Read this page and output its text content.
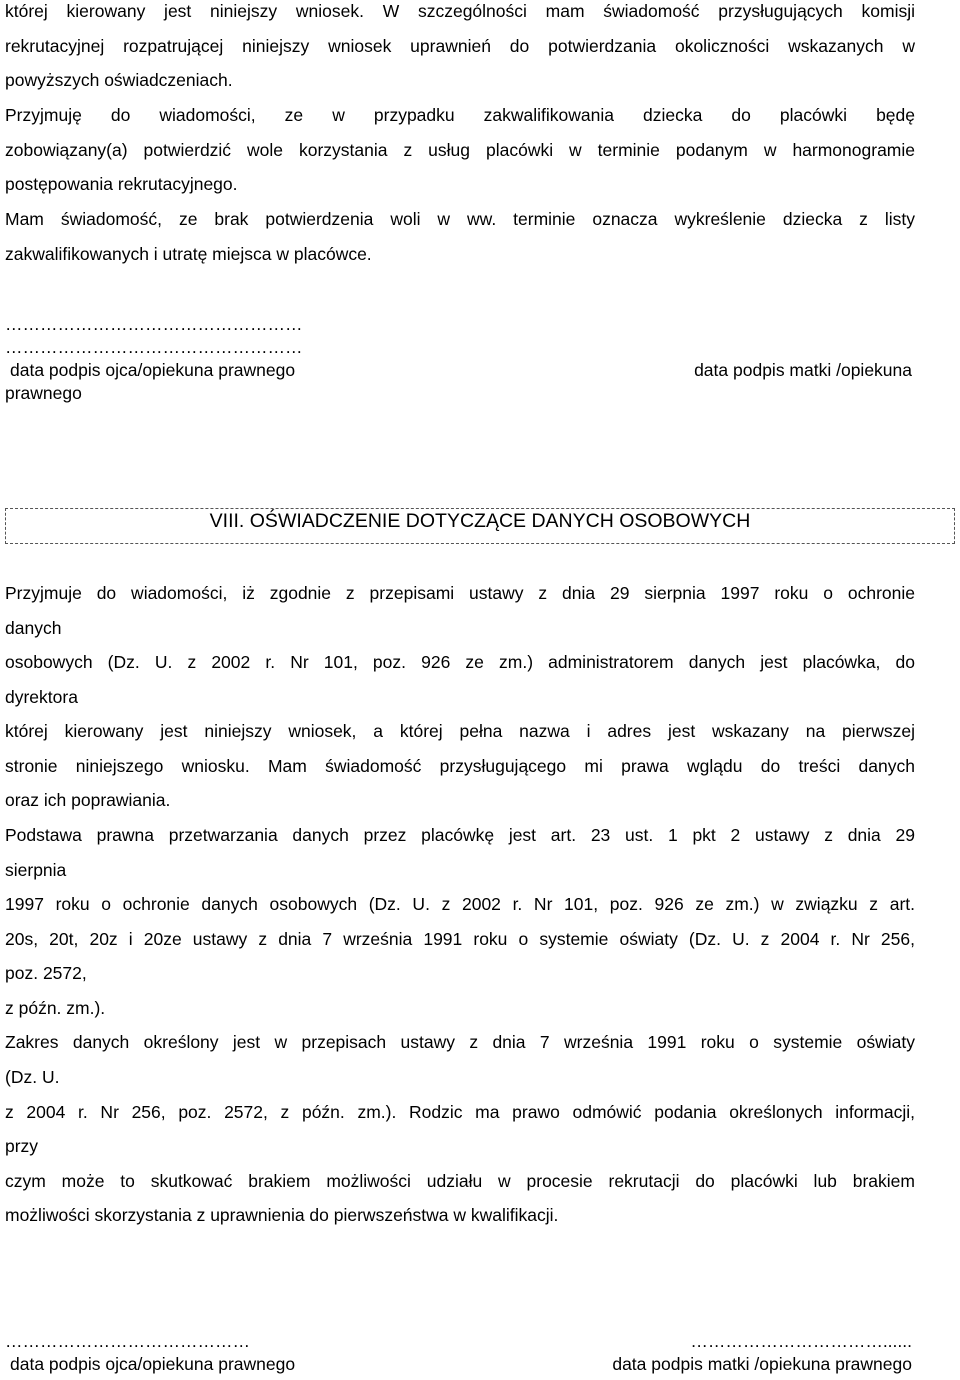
której kierowany jest niniejszy wniosek. W szczególności mam świadomość przysługujących komisji

rekrutacyjnej rozpatrującej niniejszy wniosek uprawnień do potwierdzania okoliczności wskazanych w

powyższych oświadczeniach.

Przyjmuję do wiadomości, ze w przypadku zakwalifikowania dziecka do placówki będę

zobowiązany(a) potwierdzić wole korzystania z usług placówki w terminie podanym w harmonogramie

postępowania rekrutacyjnego.

Mam świadomość, ze brak potwierdzenia woli w ww. terminie oznacza wykreślenie dziecka z listy

zakwalifikowanych i utratę miejsca w placówce.

……………………………………………

……………………………………………

data podpis ojca/opiekuna prawnego

prawnego

data podpis matki /opiekuna

VIII. OŚWIADCZENIE DOTYCZĄCE DANYCH OSOBOWYCH

Przyjmuje do wiadomości, iż zgodnie z przepisami ustawy z dnia 29 sierpnia 1997 roku o ochronie

danych

osobowych (Dz. U. z 2002 r. Nr 101, poz. 926 ze zm.) administratorem danych jest placówka, do

dyrektora

której kierowany jest niniejszy wniosek, a której pełna nazwa i adres jest wskazany na pierwszej

stronie niniejszego wniosku. Mam świadomość przysługującego mi prawa wglądu do treści danych

oraz ich poprawiania.

Podstawa prawna przetwarzania danych przez placówkę jest art. 23 ust. 1 pkt 2 ustawy z dnia 29

sierpnia

1997 roku o ochronie danych osobowych (Dz. U. z 2002 r. Nr 101, poz. 926 ze zm.) w związku z art.

20s, 20t, 20z i 20ze ustawy z dnia 7 września 1991 roku o systemie oświaty (Dz. U. z 2004 r. Nr 256,

poz. 2572,

z późn. zm.).

Zakres danych określony jest w przepisach ustawy z dnia 7 września 1991 roku o systemie oświaty

(Dz. U.

z 2004 r. Nr 256, poz. 2572, z późn. zm.). Rodzic ma prawo odmówić podania określonych informacji,

przy

czym może to skutkować brakiem możliwości udziału w procesie rekrutacji do placówki lub brakiem

możliwości skorzystania z uprawnienia do pierwszeństwa w kwalifikacji.

……………………………………	……………………………......

data podpis ojca/opiekuna prawnego	data podpis matki /opiekuna prawnego
